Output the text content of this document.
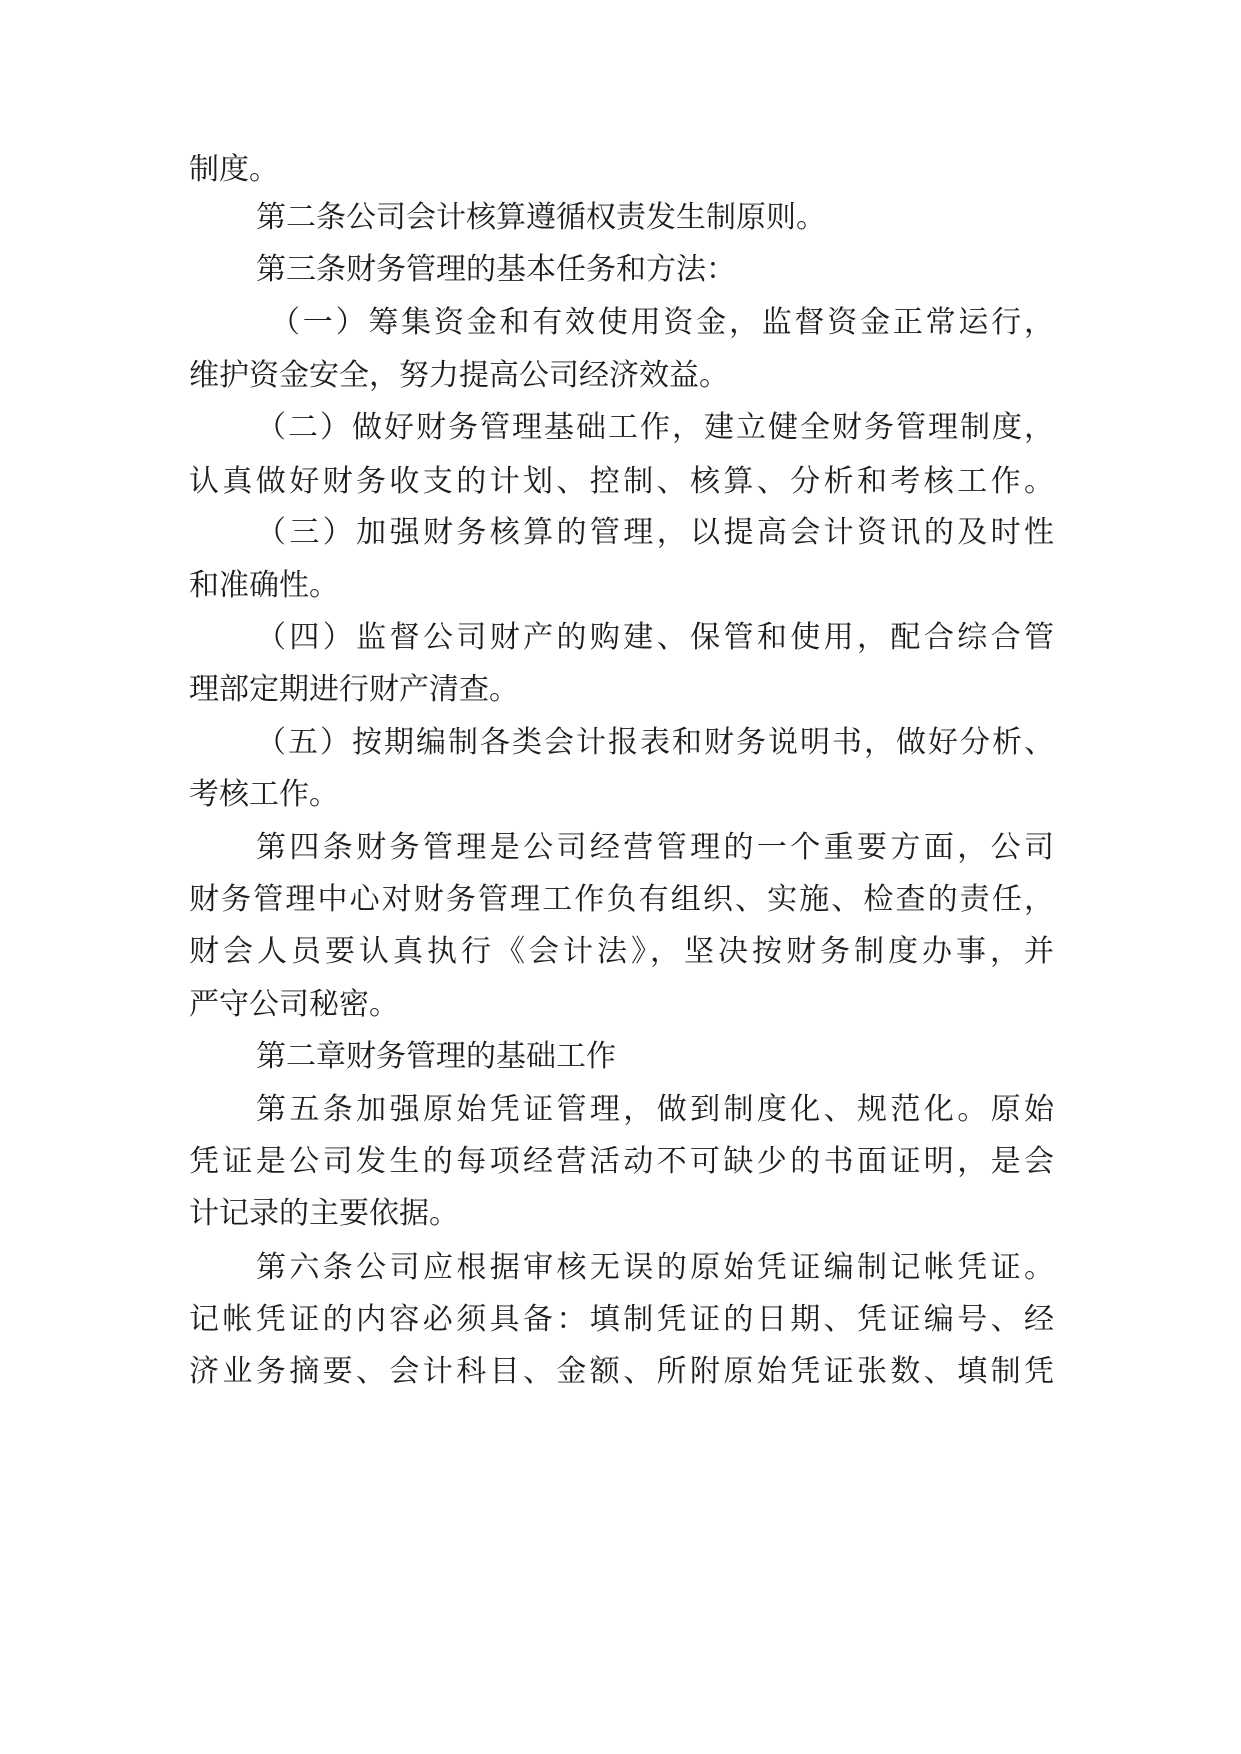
制度。
第二条公司会计核算遵循权责发生制原则。
第三条财务管理的基本任务和方法：
（一）筹集资金和有效使用资金，监督资金正常运行，
维护资金安全，努力提高公司经济效益。
（二）做好财务管理基础工作，建立健全财务管理制度，
认真做好财务收支的计划、控制、核算、分析和考核工作。
（三）加强财务核算的管理，以提高会计资讯的及时性
和准确性。
（四）监督公司财产的购建、保管和使用，配合综合管
理部定期进行财产清查。
（五）按期编制各类会计报表和财务说明书，做好分析、
考核工作。
第四条财务管理是公司经营管理的一个重要方面，公司
财务管理中心对财务管理工作负有组织、实施、检查的责任，
财会人员要认真执行《会计法》，坚决按财务制度办事，并
严守公司秘密。
第二章财务管理的基础工作
第五条加强原始凭证管理，做到制度化、规范化。原始
凭证是公司发生的每项经营活动不可缺少的书面证明，是会
计记录的主要依据。
第六条公司应根据审核无误的原始凭证编制记帐凭证。
记帐凭证的内容必须具备：填制凭证的日期、凭证编号、经
济业务摘要、会计科目、金额、所附原始凭证张数、填制凭
